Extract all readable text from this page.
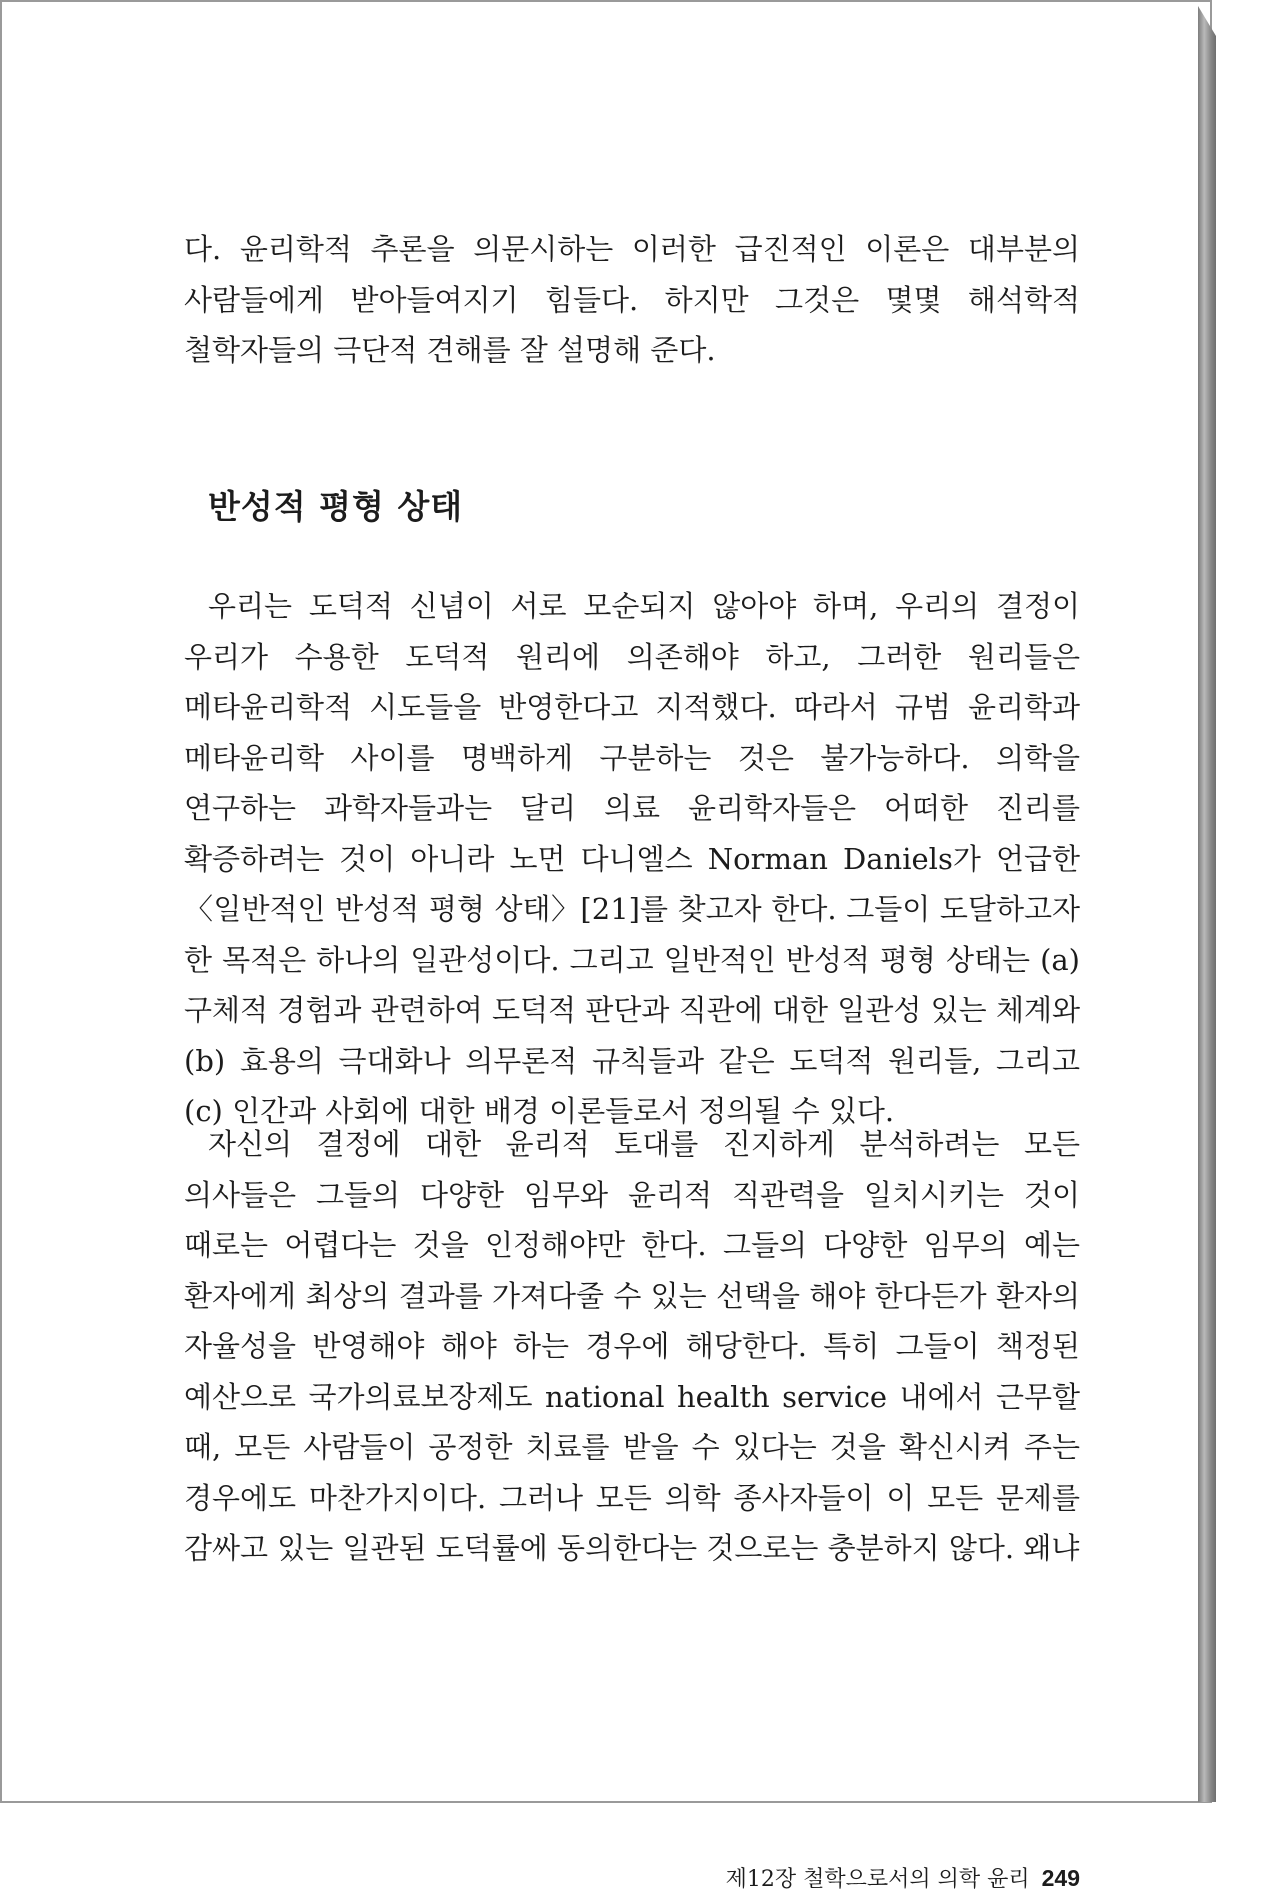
다. 윤리학적 추론을 의문시하는 이러한 급진적인 이론은 대부분의 사람들에게 받아들여지기 힘들다. 하지만 그것은 몇몇 해석학적 철학자들의 극단적 견해를 잘 설명해 준다.

반성적 평형 상태

우리는 도덕적 신념이 서로 모순되지 않아야 하며, 우리의 결정이 우리가 수용한 도덕적 원리에 의존해야 하고, 그러한 원리들은 메타윤리학적 시도들을 반영한다고 지적했다. 따라서 규범 윤리학과 메타윤리학 사이를 명백하게 구분하는 것은 불가능하다. 의학을 연구하는 과학자들과는 달리 의료 윤리학자들은 어떠한 진리를 확증하려는 것이 아니라 노먼 다니엘스 Norman Daniels가 언급한 〈일반적인 반성적 평형 상태〉[21]를 찾고자 한다. 그들이 도달하고자 한 목적은 하나의 일관성이다. 그리고 일반적인 반성적 평형 상태는 (a) 구체적 경험과 관련하여 도덕적 판단과 직관에 대한 일관성 있는 체계와 (b) 효용의 극대화나 의무론적 규칙들과 같은 도덕적 원리들, 그리고 (c) 인간과 사회에 대한 배경 이론들로서 정의될 수 있다.

자신의 결정에 대한 윤리적 토대를 진지하게 분석하려는 모든 의사들은 그들의 다양한 임무와 윤리적 직관력을 일치시키는 것이 때로는 어렵다는 것을 인정해야만 한다. 그들의 다양한 임무의 예는 환자에게 최상의 결과를 가져다줄 수 있는 선택을 해야 한다든가 환자의 자율성을 반영해야 해야 하는 경우에 해당한다. 특히 그들이 책정된 예산으로 국가의료보장제도 national health service 내에서 근무할 때, 모든 사람들이 공정한 치료를 받을 수 있다는 것을 확신시켜 주는 경우에도 마찬가지이다. 그러나 모든 의학 종사자들이 이 모든 문제를 감싸고 있는 일관된 도덕률에 동의한다는 것으로는 충분하지 않다. 왜냐

제12장 철학으로서의 의학 윤리 249
